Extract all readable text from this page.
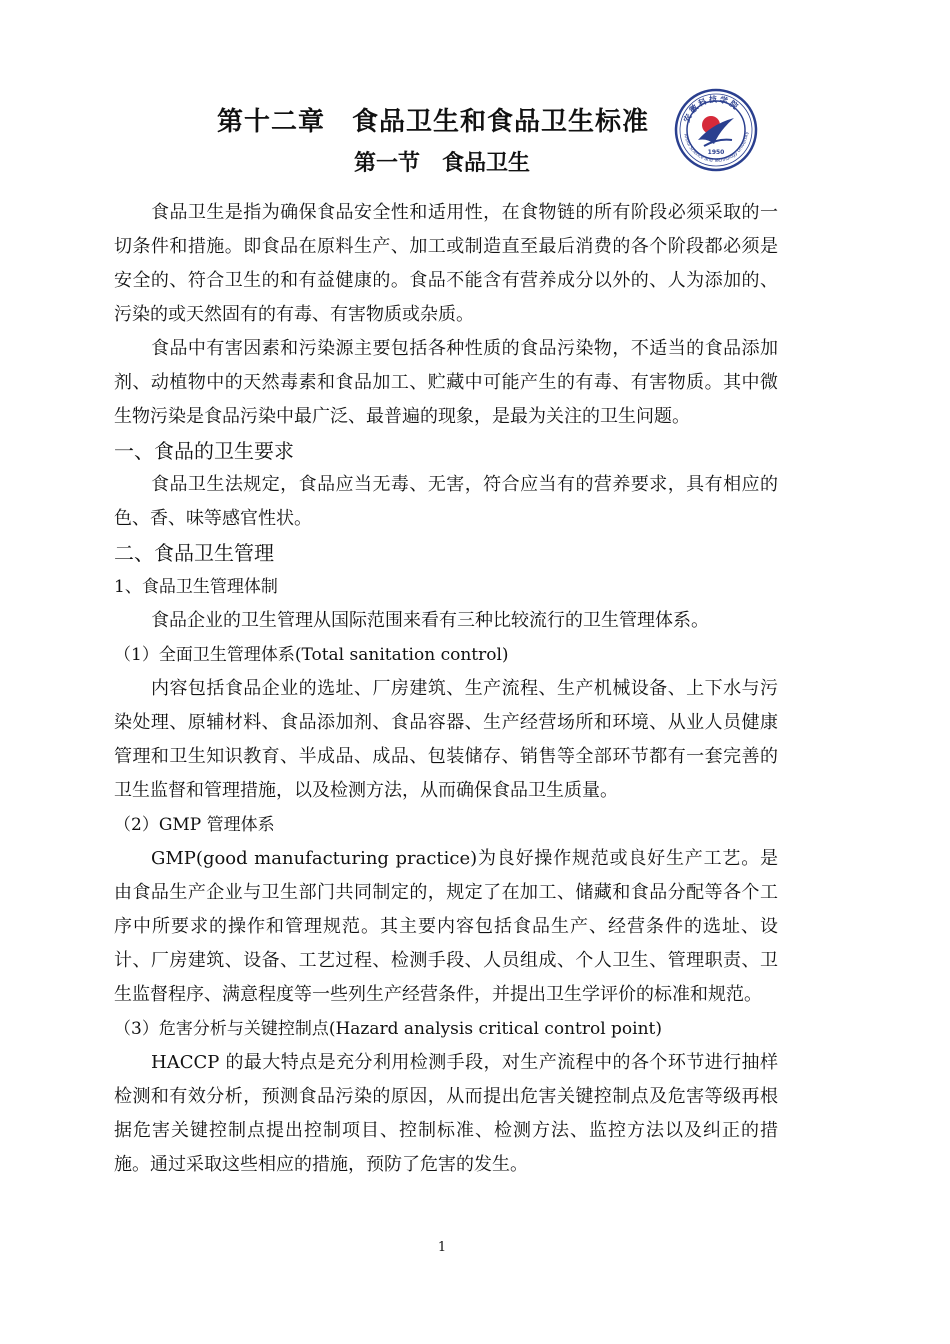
第十二章　食品卫生和食品卫生标准
第一节　食品卫生
安徽科技学院
Anhui Science and Technology University
1950

食品卫生是指为确保食品安全性和适用性，在食物链的所有阶段必须采取的一切条件和措施。即食品在原料生产、加工或制造直至最后消费的各个阶段都必须是安全的、符合卫生的和有益健康的。食品不能含有营养成分以外的、人为添加的、污染的或天然固有的有毒、有害物质或杂质。

食品中有害因素和污染源主要包括各种性质的食品污染物，不适当的食品添加剂、动植物中的天然毒素和食品加工、贮藏中可能产生的有毒、有害物质。其中微生物污染是食品污染中最广泛、最普遍的现象，是最为关注的卫生问题。

一、食品的卫生要求

食品卫生法规定，食品应当无毒、无害，符合应当有的营养要求，具有相应的色、香、味等感官性状。

二、食品卫生管理

1、食品卫生管理体制

食品企业的卫生管理从国际范围来看有三种比较流行的卫生管理体系。

（1）全面卫生管理体系(Total sanitation control)

内容包括食品企业的选址、厂房建筑、生产流程、生产机械设备、上下水与污染处理、原辅材料、食品添加剂、食品容器、生产经营场所和环境、从业人员健康管理和卫生知识教育、半成品、成品、包装储存、销售等全部环节都有一套完善的卫生监督和管理措施，以及检测方法，从而确保食品卫生质量。

（2）GMP 管理体系

GMP(good manufacturing practice)为良好操作规范或良好生产工艺。是由食品生产企业与卫生部门共同制定的，规定了在加工、储藏和食品分配等各个工序中所要求的操作和管理规范。其主要内容包括食品生产、经营条件的选址、设计、厂房建筑、设备、工艺过程、检测手段、人员组成、个人卫生、管理职责、卫生监督程序、满意程度等一些列生产经营条件，并提出卫生学评价的标准和规范。

（3）危害分析与关键控制点(Hazard analysis critical control point)

HACCP 的最大特点是充分利用检测手段，对生产流程中的各个环节进行抽样检测和有效分析，预测食品污染的原因，从而提出危害关键控制点及危害等级再根据危害关键控制点提出控制项目、控制标准、检测方法、监控方法以及纠正的措施。通过采取这些相应的措施，预防了危害的发生。

1
